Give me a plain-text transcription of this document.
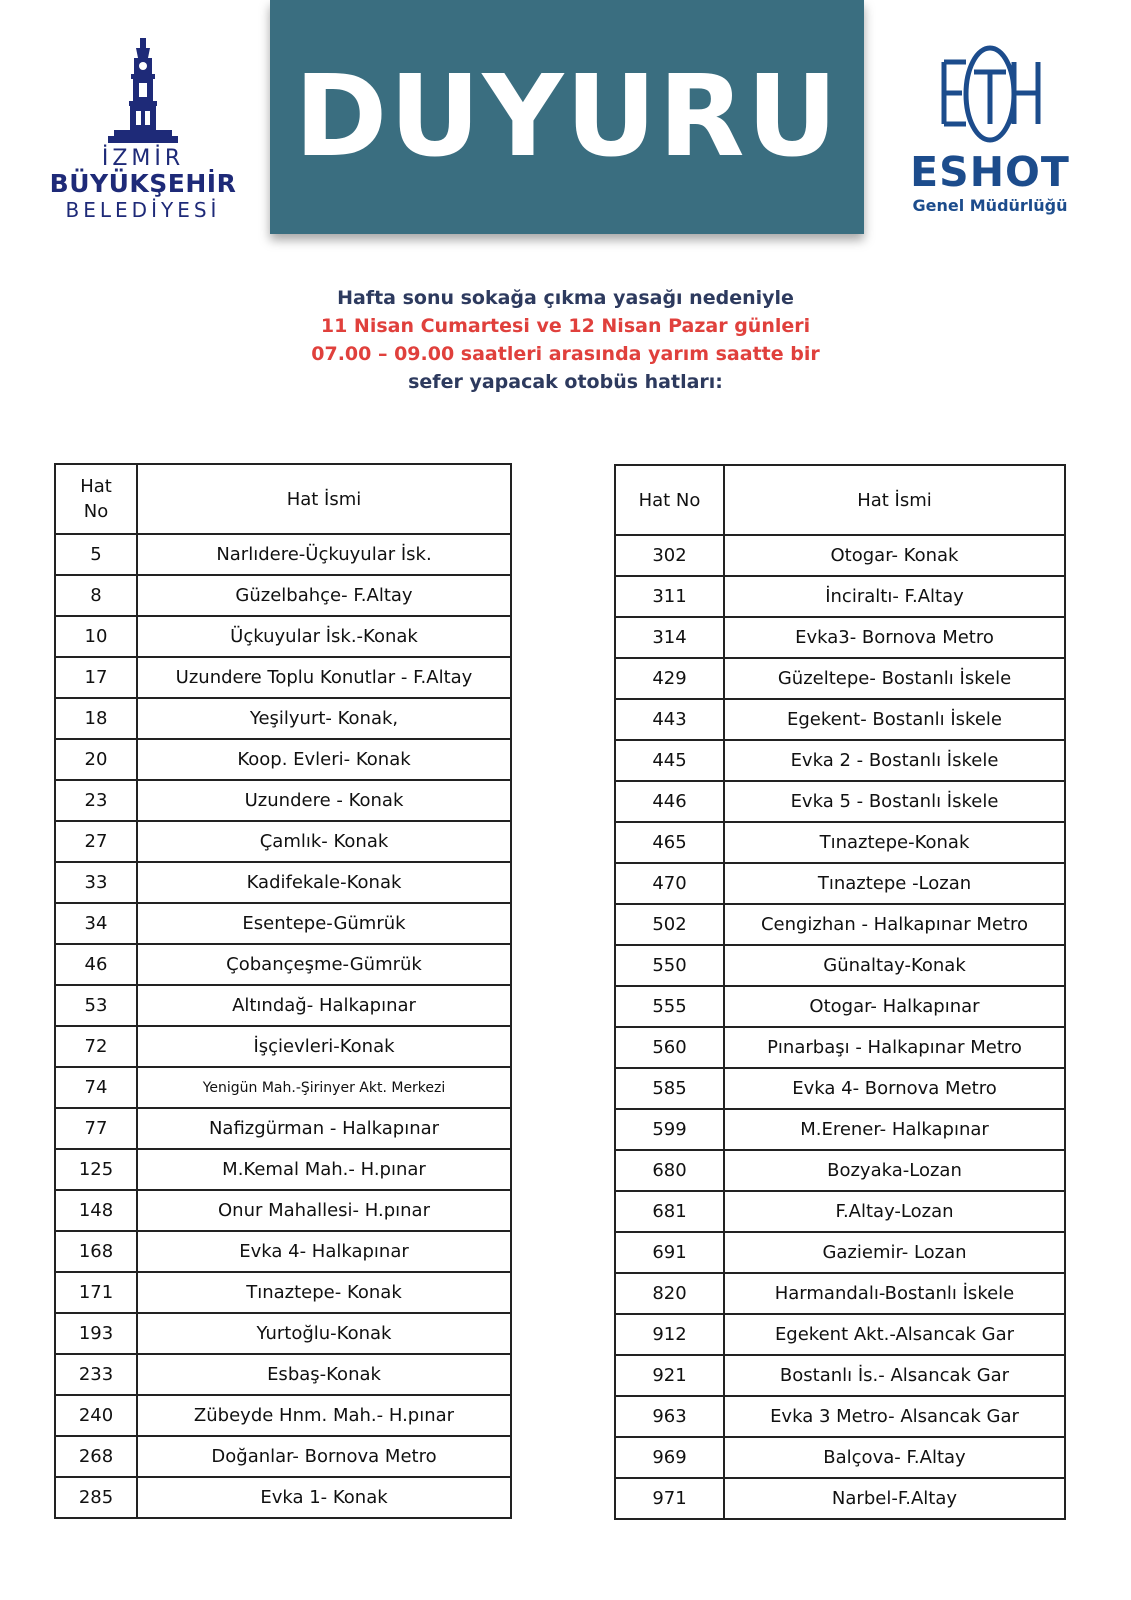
İZMİR
BÜYÜKŞEHİR
BELEDİYESİ
DUYURU ESHOT
Genel Müdürlüğü
Hafta sonu sokağa çıkma yasağı nedeniyle
11 Nisan Cumartesi ve 12 Nisan Pazar günleri
07.00 – 09.00 saatleri arasında yarım saatte bir
sefer yapacak otobüs hatları:
Hat
No	Hat İsmi
5	Narlıdere-Üçkuyular İsk.
8	Güzelbahçe- F.Altay
10	Üçkuyular İsk.-Konak
17	Uzundere Toplu Konutlar - F.Altay
18	Yeşilyurt- Konak,
20	Koop. Evleri- Konak
23	Uzundere - Konak
27	Çamlık- Konak
33	Kadifekale-Konak
34	Esentepe-Gümrük
46	Çobançeşme-Gümrük
53	Altındağ- Halkapınar
72	İşçievleri-Konak
74	Yenigün Mah.-Şirinyer Akt. Merkezi
77	Nafizgürman - Halkapınar
125	M.Kemal Mah.- H.pınar
148	Onur Mahallesi- H.pınar
168	Evka 4- Halkapınar
171	Tınaztepe- Konak
193	Yurtoğlu-Konak
233	Esbaş-Konak
240	Zübeyde Hnm. Mah.- H.pınar
268	Doğanlar- Bornova Metro
285	Evka 1- Konak
Hat No	Hat İsmi
302	Otogar- Konak
311	İnciraltı- F.Altay
314	Evka3- Bornova Metro
429	Güzeltepe- Bostanlı İskele
443	Egekent- Bostanlı İskele
445	Evka 2 - Bostanlı İskele
446	Evka 5 - Bostanlı İskele
465	Tınaztepe-Konak
470	Tınaztepe -Lozan
502	Cengizhan - Halkapınar Metro
550	Günaltay-Konak
555	Otogar- Halkapınar
560	Pınarbaşı - Halkapınar Metro
585	Evka 4- Bornova Metro
599	M.Erener- Halkapınar
680	Bozyaka-Lozan
681	F.Altay-Lozan
691	Gaziemir- Lozan
820	Harmandalı-Bostanlı İskele
912	Egekent Akt.-Alsancak Gar
921	Bostanlı İs.- Alsancak Gar
963	Evka 3 Metro- Alsancak Gar
969	Balçova- F.Altay
971	Narbel-F.Altay
